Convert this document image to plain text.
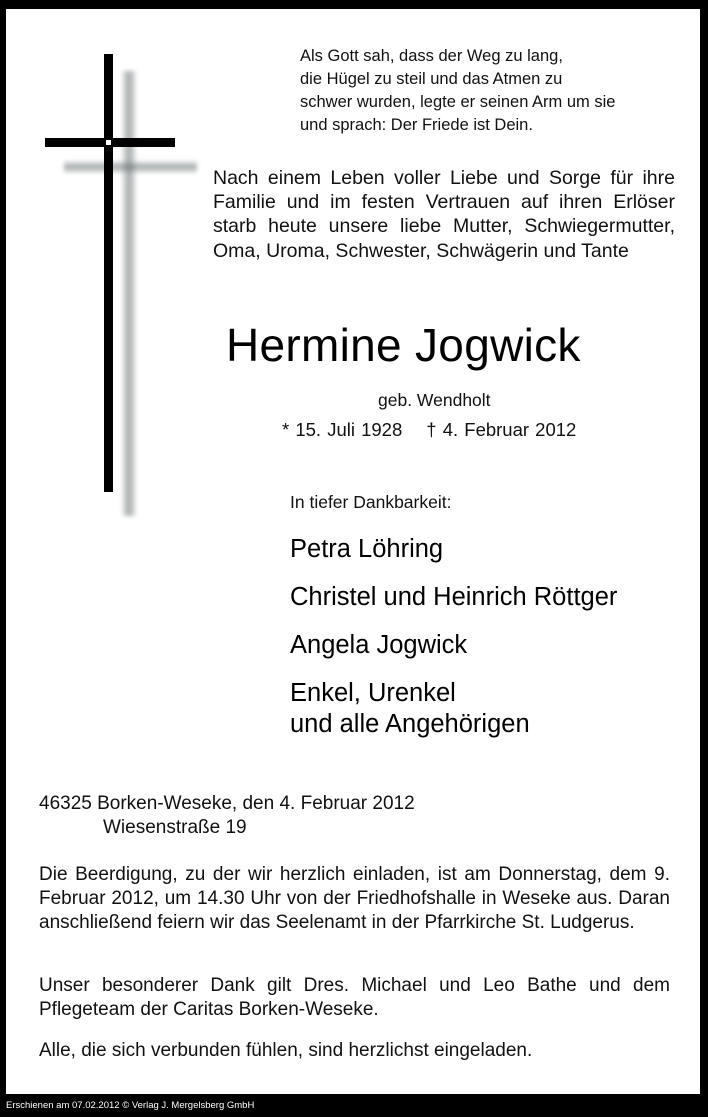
Als Gott sah, dass der Weg zu lang,
die Hügel zu steil und das Atmen zu
schwer wurden, legte er seinen Arm um sie
und sprach: Der Friede ist Dein.
Nach einem Leben voller Liebe und Sorge für ihre Familie und im festen Vertrauen auf ihren Erlöser starb heute unsere liebe Mutter, Schwiegermutter, Oma, Uroma, Schwester, Schwägerin und Tante
Hermine Jogwick
geb. Wendholt
* 15. Juli 1928 † 4. Februar 2012
In tiefer Dankbarkeit:
Petra Löhring
Christel und Heinrich Röttger
Angela Jogwick
Enkel, Urenkel
und alle Angehörigen
46325 Borken-Weseke, den 4. Februar 2012
Wiesenstraße 19
Die Beerdigung, zu der wir herzlich einladen, ist am Donnerstag, dem 9. Februar 2012, um 14.30 Uhr von der Friedhofshalle in Weseke aus. Daran anschließend feiern wir das Seelenamt in der Pfarrkirche St. Ludgerus.
Unser besonderer Dank gilt Dres. Michael und Leo Bathe und dem Pflegeteam der Caritas Borken-Weseke.
Alle, die sich verbunden fühlen, sind herzlichst eingeladen.
Erschienen am 07.02.2012 © Verlag J. Mergelsberg GmbH
